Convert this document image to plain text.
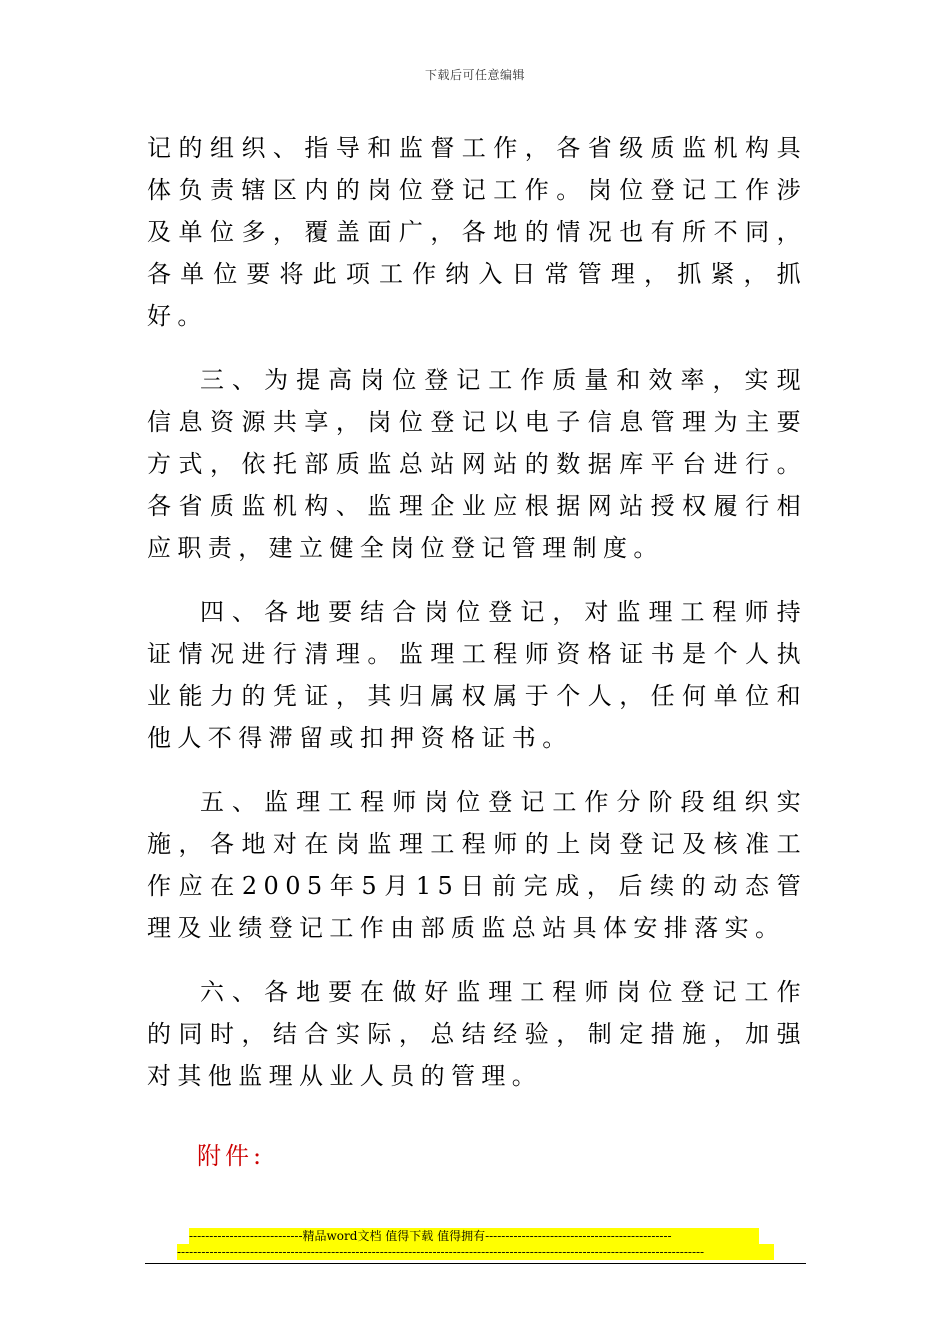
下载后可任意编辑

记的组织、指导和监督工作，各省级质监机构具体负责辖区内的岗位登记工作。岗位登记工作涉及单位多，覆盖面广，各地的情况也有所不同，各单位要将此项工作纳入日常管理，抓紧，抓好。

三、为提高岗位登记工作质量和效率，实现信息资源共享，岗位登记以电子信息管理为主要方式，依托部质监总站网站的数据库平台进行。各省质监机构、监理企业应根据网站授权履行相应职责，建立健全岗位登记管理制度。

四、各地要结合岗位登记，对监理工程师持证情况进行清理。监理工程师资格证书是个人执业能力的凭证，其归属权属于个人，任何单位和他人不得滞留或扣押资格证书。

五、监理工程师岗位登记工作分阶段组织实施，各地对在岗监理工程师的上岗登记及核准工作应在2005年5月15日前完成，后续的动态管理及业绩登记工作由部质监总站具体安排落实。

六、各地要在做好监理工程师岗位登记工作的同时，结合实际，总结经验，制定措施，加强对其他监理从业人员的管理。

附件:
----------------------------精品word文档 值得下载 值得拥有----------------------------------------------
----------------------------------------------------------------------------------------------------------------------------------
